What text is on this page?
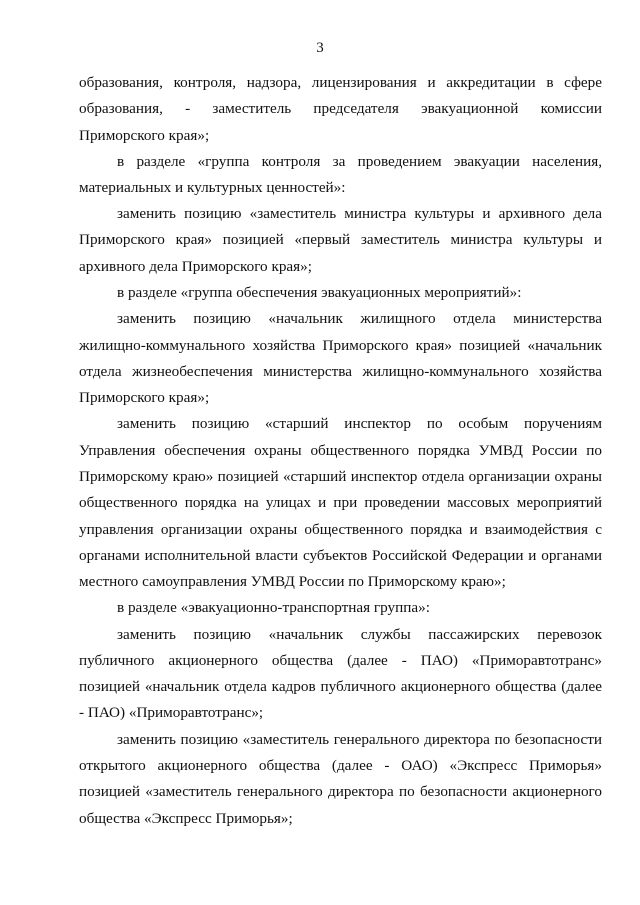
3
образования, контроля, надзора, лицензирования и аккредитации в сфере
образования, - заместитель председателя эвакуационной комиссии
Приморского края»;
в разделе «группа контроля за проведением эвакуации населения,
материальных и культурных ценностей»:
заменить позицию «заместитель министра культуры и архивного дела
Приморского края» позицией «первый заместитель министра культуры и
архивного дела Приморского края»;
в разделе «группа обеспечения эвакуационных мероприятий»:
заменить позицию «начальник жилищного отдела министерства
жилищно-коммунального хозяйства Приморского края» позицией «начальник
отдела жизнеобеспечения министерства жилищно-коммунального хозяйства
Приморского края»;
заменить позицию «старший инспектор по особым поручениям
Управления обеспечения охраны общественного порядка УМВД России по
Приморскому краю» позицией «старший инспектор отдела организации охраны
общественного порядка на улицах и при проведении массовых мероприятий
управления организации охраны общественного порядка и взаимодействия с
органами исполнительной власти субъектов Российской Федерации и органами
местного самоуправления УМВД России по Приморскому краю»;
в разделе «эвакуационно-транспортная группа»:
заменить позицию «начальник службы пассажирских перевозок
публичного акционерного общества (далее - ПАО) «Приморавтотранс»
позицией «начальник отдела кадров публичного акционерного общества (далее
- ПАО) «Приморавтотранс»;
заменить позицию «заместитель генерального директора по безопасности
открытого акционерного общества (далее - ОАО) «Экспресс Приморья»
позицией «заместитель генерального директора по безопасности акционерного
общества «Экспресс Приморья»;
